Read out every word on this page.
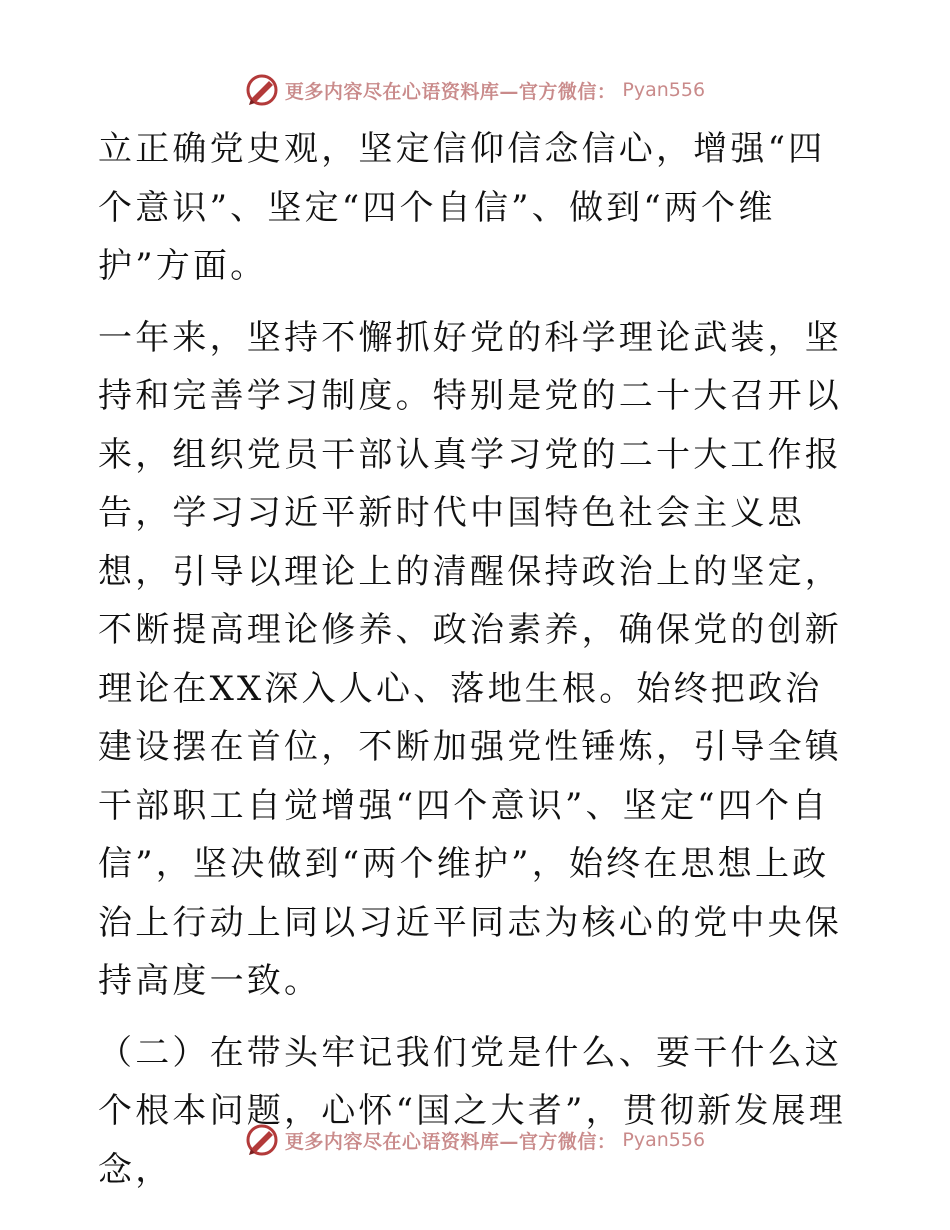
更多内容尽在心语资料库—官方微信： Pyan556

立正确党史观，坚定信仰信念信心，增强“四个意识”、坚定“四个自信”、做到“两个维护”方面。

一年来，坚持不懈抓好党的科学理论武装，坚持和完善学习制度。特别是党的二十大召开以来，组织党员干部认真学习党的二十大工作报告，学习习近平新时代中国特色社会主义思想，引导以理论上的清醒保持政治上的坚定，不断提高理论修养、政治素养，确保党的创新理论在XX深入人心、落地生根。始终把政治建设摆在首位，不断加强党性锤炼，引导全镇干部职工自觉增强“四个意识”、坚定“四个自信”，坚决做到“两个维护”，始终在思想上政治上行动上同以习近平同志为核心的党中央保持高度一致。

（二）在带头牢记我们党是什么、要干什么这个根本问题，心怀“国之大者”，贯彻新发展理念，

更多内容尽在心语资料库—官方微信： Pyan556
